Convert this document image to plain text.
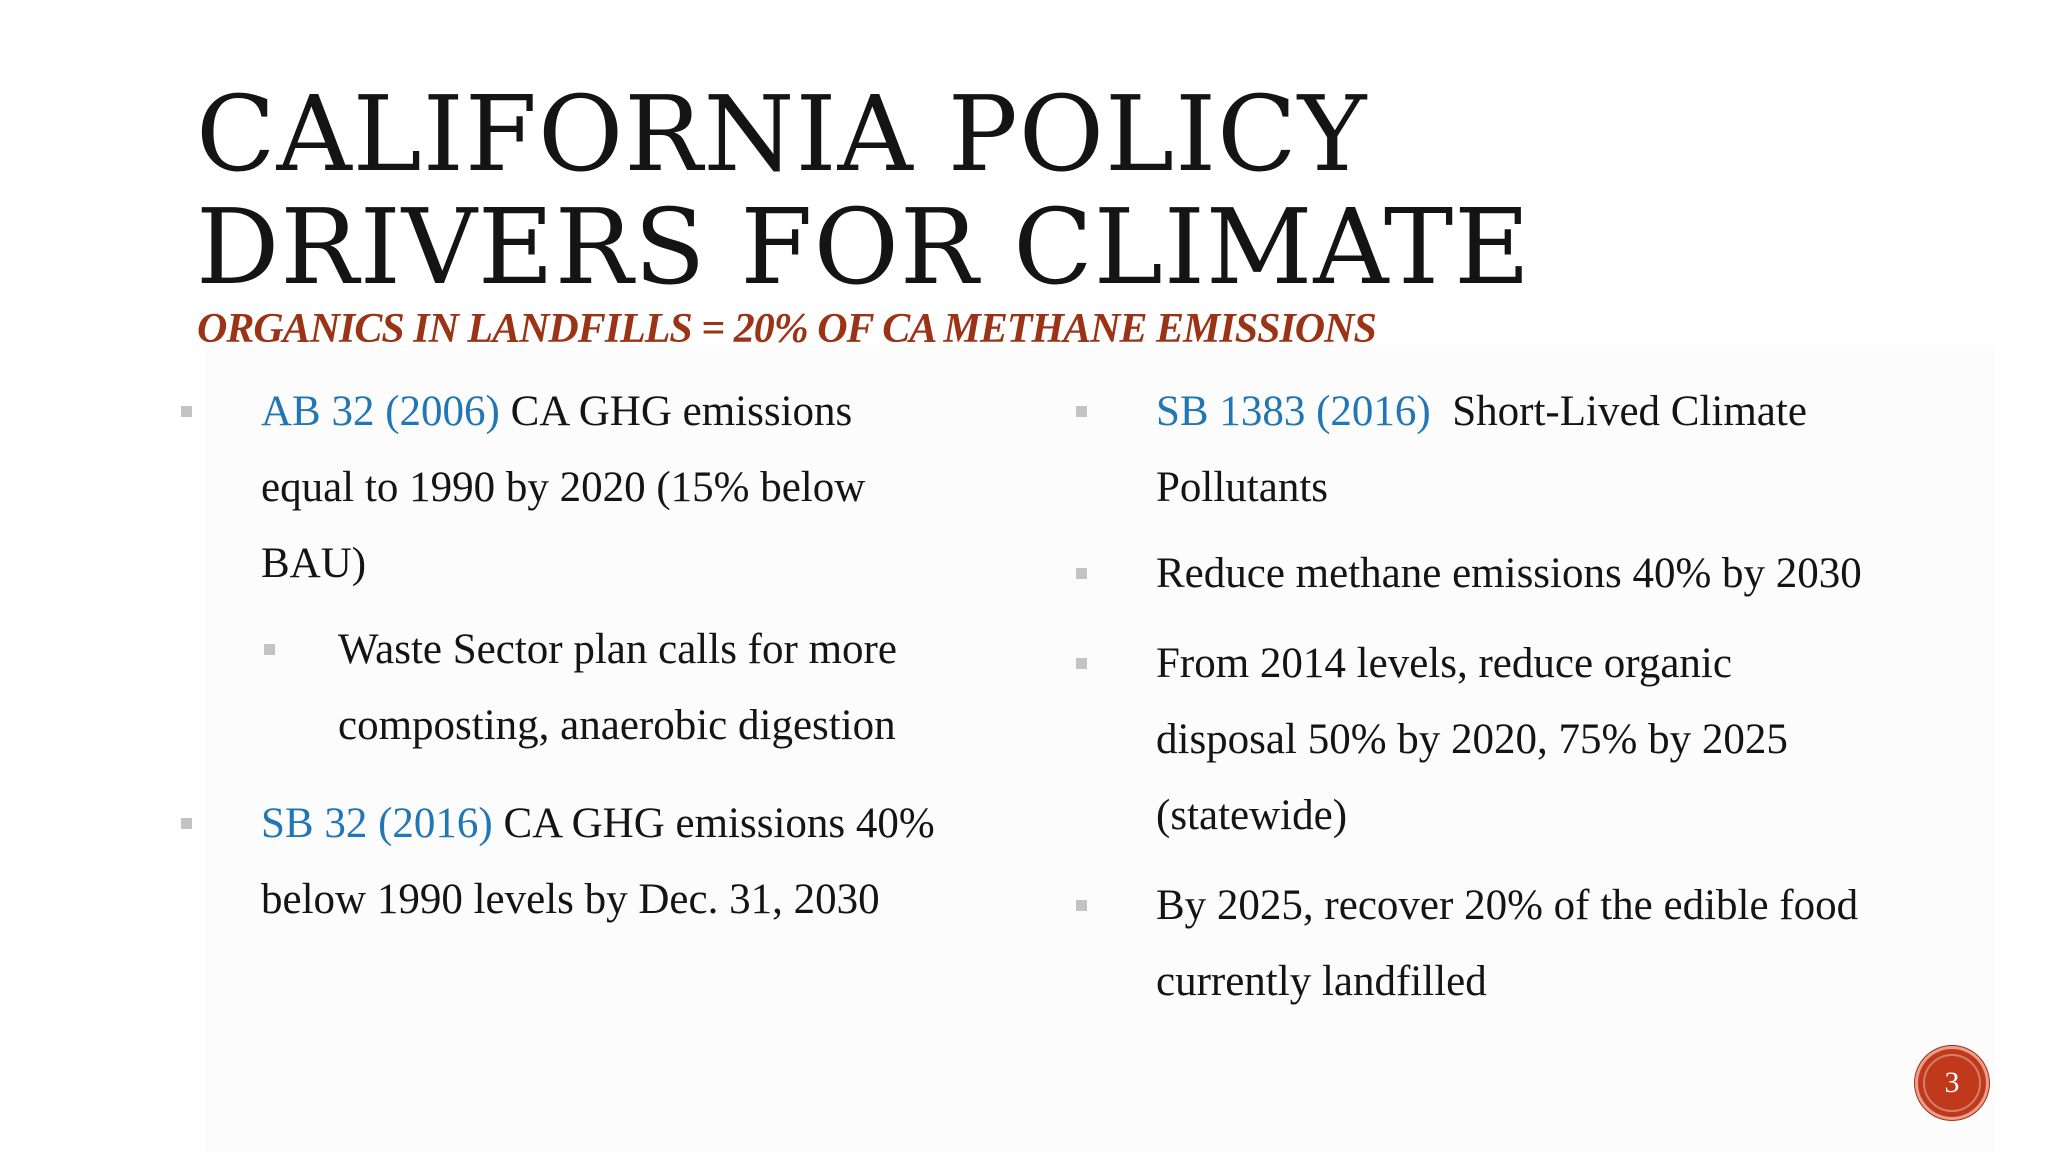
CALIFORNIA POLICY DRIVERS FOR CLIMATE
ORGANICS IN LANDFILLS = 20% OF CA METHANE EMISSIONS
AB 32 (2006) CA GHG emissions equal to 1990 by 2020 (15% below BAU)
Waste Sector plan calls for more composting, anaerobic digestion
SB 32 (2016) CA GHG emissions 40% below 1990 levels by Dec. 31, 2030
SB 1383 (2016)  Short-Lived Climate Pollutants
Reduce methane emissions 40% by 2030
From 2014 levels, reduce organic disposal 50% by 2020, 75% by 2025 (statewide)
By 2025, recover 20% of the edible food currently landfilled
3
